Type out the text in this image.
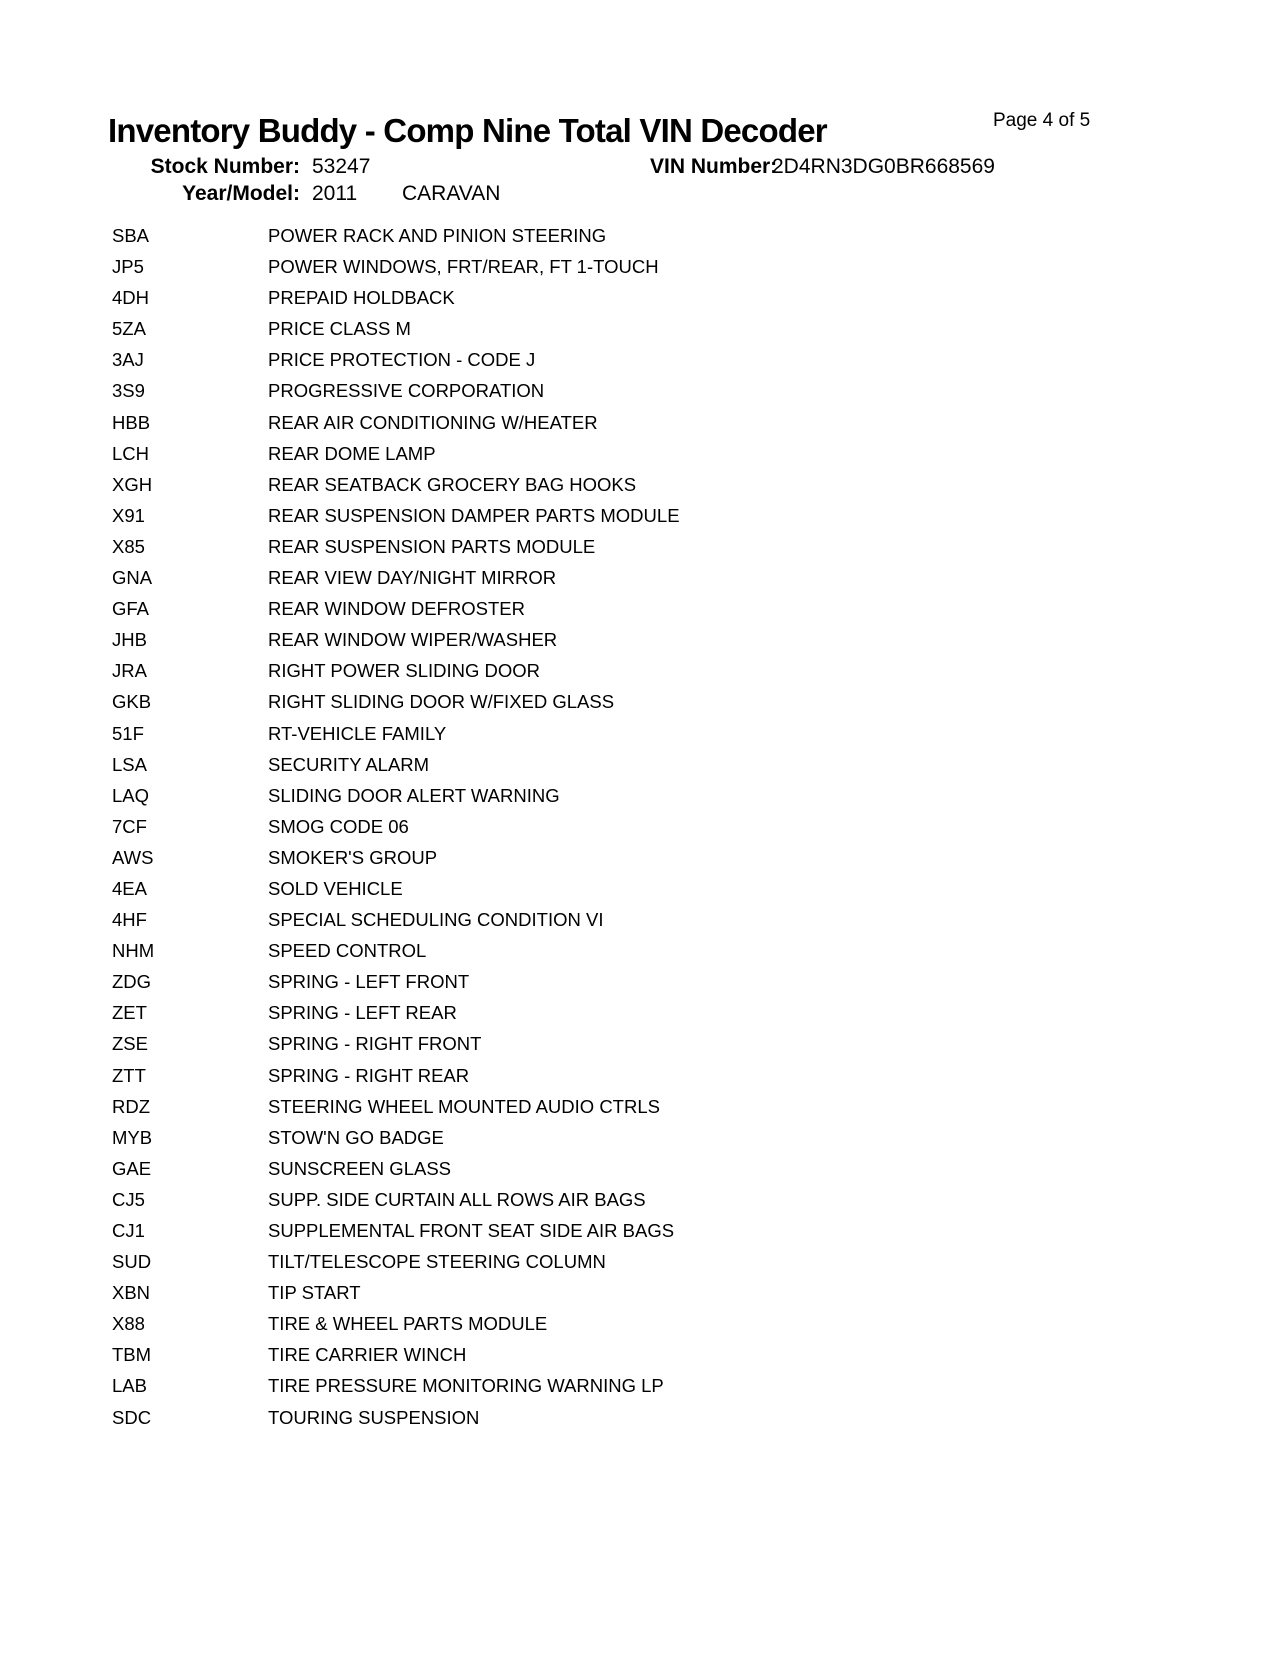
Inventory Buddy - Comp Nine Total VIN Decoder	Page 4 of 5
Stock Number: 53247	VIN Number:
2D4RN3DG0BR668569
Year/Model: 2011 CARAVAN
SBA	POWER RACK AND PINION STEERING
JP5	POWER WINDOWS, FRT/REAR, FT 1-TOUCH
4DH	PREPAID HOLDBACK
5ZA	PRICE CLASS M
3AJ	PRICE PROTECTION - CODE J
3S9	PROGRESSIVE CORPORATION
HBB	REAR AIR CONDITIONING W/HEATER
LCH	REAR DOME LAMP
XGH	REAR SEATBACK GROCERY BAG HOOKS
X91	REAR SUSPENSION DAMPER PARTS MODULE
X85	REAR SUSPENSION PARTS MODULE
GNA	REAR VIEW DAY/NIGHT MIRROR
GFA	REAR WINDOW DEFROSTER
JHB	REAR WINDOW WIPER/WASHER
JRA	RIGHT POWER SLIDING DOOR
GKB	RIGHT SLIDING DOOR W/FIXED GLASS
51F	RT-VEHICLE FAMILY
LSA	SECURITY ALARM
LAQ	SLIDING DOOR ALERT WARNING
7CF	SMOG CODE 06
AWS	SMOKER'S GROUP
4EA	SOLD VEHICLE
4HF	SPECIAL SCHEDULING CONDITION VI
NHM	SPEED CONTROL
ZDG	SPRING - LEFT FRONT
ZET	SPRING - LEFT REAR
ZSE	SPRING - RIGHT FRONT
ZTT	SPRING - RIGHT REAR
RDZ	STEERING WHEEL MOUNTED AUDIO CTRLS
MYB	STOW'N GO BADGE
GAE	SUNSCREEN GLASS
CJ5	SUPP. SIDE CURTAIN ALL ROWS AIR BAGS
CJ1	SUPPLEMENTAL FRONT SEAT SIDE AIR BAGS
SUD	TILT/TELESCOPE STEERING COLUMN
XBN	TIP START
X88	TIRE & WHEEL PARTS MODULE
TBM	TIRE CARRIER WINCH
LAB	TIRE PRESSURE MONITORING WARNING LP
SDC	TOURING SUSPENSION
